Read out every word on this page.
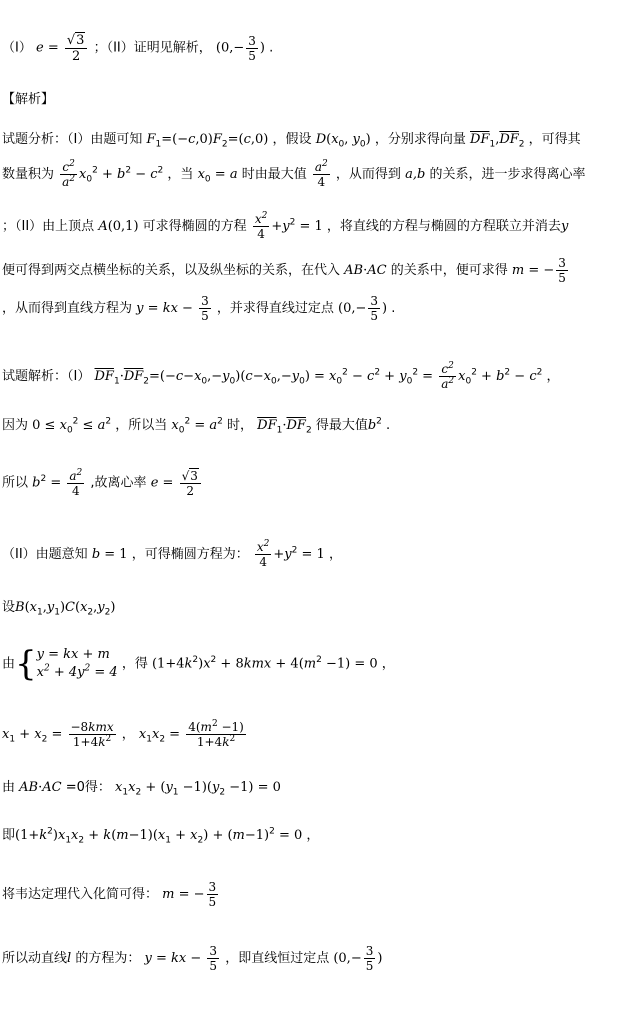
（I） $e = \frac{√3}{2}$ ；（II）证明见解析， ($0,- \frac{3}{5}$ ) .
【解析】
试题分析：（I）由题可知 $F_1=(-c,0)F_2=(c,0)$ ，假设 $D(x_0$, $y_0$) ，分别求得向量 $\overline{DF}_1,\overline{DF}_2$ ，可得其
数量积为 $\frac{c^2}{a^2} x_0^2 + b^2 - c^2$ ，当 $x_0 = a$ 时由最大值 $\frac{a^2}{4}$ ，从而得到 a,b 的关系，进一步求得离心率
；（II）由上顶点 A(0,1) 可求得椭圆的方程 $\frac{x^2}{4} +y^2 = 1$ ，将直线的方程与椭圆的方程联立并消去y
便可得到两交点横坐标的关系，以及纵坐标的关系，在代入 AB·AC 的关系中，便可求得 m = − $\frac{3}{5}$
，从而得到直线方程为 y = kx − $\frac{3}{5}$ ，并求得直线过定点 ($0,- \frac{3}{5}$ ) .
试题解析：（I） $\overline{DF}_1\cdot\overline{DF}_2=(-c-x_0,-y_0)(c-x_0,-y_0) = x_0^2 - c^2 + y_0^2 = \frac{c^2}{a^2} x_0^2 + b^2 - c^2$ ，
因为 $0 \le x_0^2 \le a^2$ ，所以当 $x_0^2 = a^2$ 时， $\overline{DF}_1\cdot\overline{DF}_2$ 得最大值$b^2$ .
所以 $b^2 = \frac{a^2}{4}$ ,故离心率 $e = \frac{√3}{2}$
（II）由题意知 b = 1 ，可得椭圆方程为： $\frac{x^2}{4} +y^2 = 1$ ，
设$B(x_1,y_1)C(x_2,y_2)$
由{ y = kx + m
$x^2 + 4y^2 = 4$
，得 $(1+4k^2)x^2 + 8kmx + 4(m^2 -1) = 0$ ，
$x_1 + x_2 = \frac{\text{−8kmx}}{1+4k^2}$ ， $x_1x_2 = \frac{4(m^2 -1)}{1+4k^2}$
由 AB·AC =0得： $x_1x_2 + (y_1 -1)(y_2 -1) = 0$
即$(1+k^2)x_1x_2 + k(m-1)(x_1 + x_2) + (m-1)^2 = 0$ ，
将韦达定理代入化简可得： m = − $\frac{3}{5}$
所以动直线l 的方程为： y = kx − $\frac{3}{5}$ ，即直线恒过定点 ($0,- \frac{3}{5}$ )
